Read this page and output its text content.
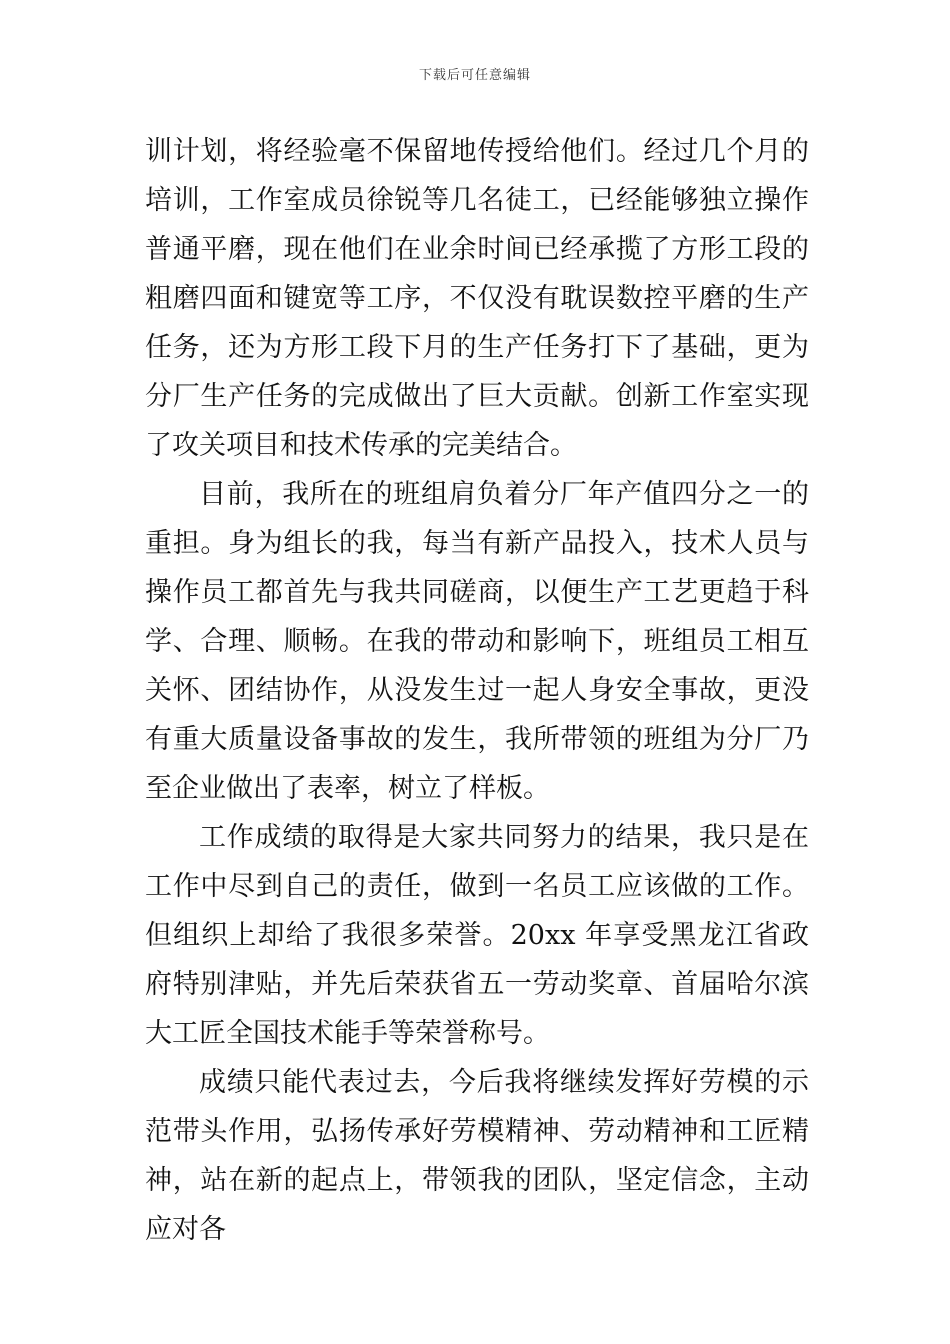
下载后可任意编辑

训计划，将经验毫不保留地传授给他们。经过几个月的培训，工作室成员徐锐等几名徒工，已经能够独立操作普通平磨，现在他们在业余时间已经承揽了方形工段的粗磨四面和键宽等工序，不仅没有耽误数控平磨的生产任务，还为方形工段下月的生产任务打下了基础，更为分厂生产任务的完成做出了巨大贡献。创新工作室实现了攻关项目和技术传承的完美结合。

目前，我所在的班组肩负着分厂年产值四分之一的重担。身为组长的我，每当有新产品投入，技术人员与操作员工都首先与我共同磋商，以便生产工艺更趋于科学、合理、顺畅。在我的带动和影响下，班组员工相互关怀、团结协作，从没发生过一起人身安全事故，更没有重大质量设备事故的发生，我所带领的班组为分厂乃至企业做出了表率，树立了样板。

工作成绩的取得是大家共同努力的结果，我只是在工作中尽到自己的责任，做到一名员工应该做的工作。但组织上却给了我很多荣誉。20xx 年享受黑龙江省政府特别津贴，并先后荣获省五一劳动奖章、首届哈尔滨大工匠全国技术能手等荣誉称号。

成绩只能代表过去，今后我将继续发挥好劳模的示范带头作用，弘扬传承好劳模精神、劳动精神和工匠精神，站在新的起点上，带领我的团队，坚定信念，主动应对各
